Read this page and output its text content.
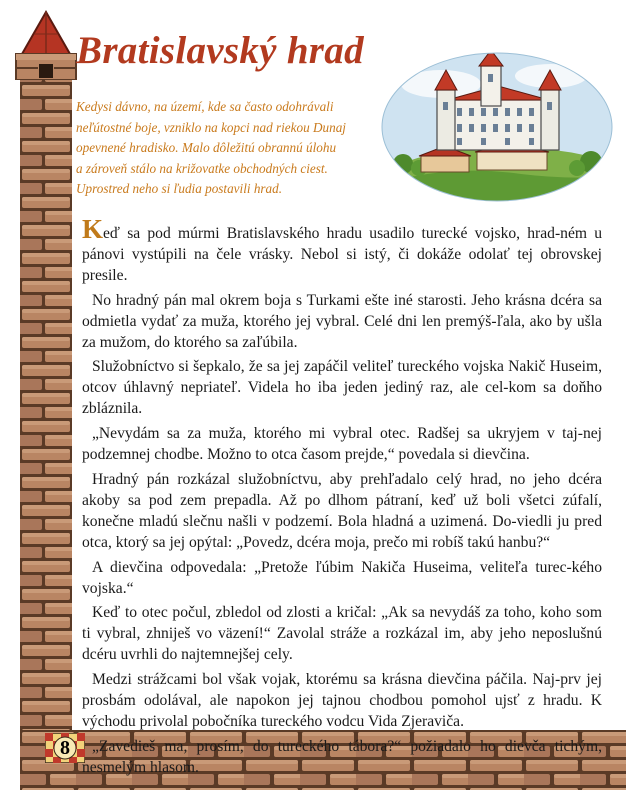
8
Bratislavský hrad
Kedysi dávno, na území, kde sa často odohrávali
neľútostné boje, vzniklo na kopci nad riekou Dunaj
opevnené hradisko. Malo dôležitú obrannú úlohu
a zároveň stálo na križovatke obchodných ciest.
Uprostred neho si ľudia postavili hrad.

Keď sa pod múrmi Bratislavského hradu usadilo turecké vojsko, hrad-ném u pánovi vystúpili na čele vrásky. Nebol si istý, či dokáže odolať tej obrovskej presile.

No hradný pán mal okrem boja s Turkami ešte iné starosti. Jeho krásna dcéra sa odmietla vydať za muža, ktorého jej vybral. Celé dni len premýš-ľala, ako by ušla za mužom, do ktorého sa zaľúbila.

Služobníctvo si šepkalo, že sa jej zapáčil veliteľ tureckého vojska Nakič Huseim, otcov úhlavný nepriateľ. Videla ho iba jeden jediný raz, ale cel-kom sa doňho zbláznila.

„Nevydám sa za muža, ktorého mi vybral otec. Radšej sa ukryjem v taj-nej podzemnej chodbe. Možno to otca časom prejde,“ povedala si dievčina.

Hradný pán rozkázal služobníctvu, aby prehľadalo celý hrad, no jeho dcéra akoby sa pod zem prepadla. Až po dlhom pátraní, keď už boli všetci zúfalí, konečne mladú slečnu našli v podzemí. Bola hladná a uzimená. Do-viedli ju pred otca, ktorý sa jej opýtal: „Povedz, dcéra moja, prečo mi robíš takú hanbu?“

A dievčina odpovedala: „Pretože ľúbim Nakiča Huseima, veliteľa turec-kého vojska.“

Keď to otec počul, zbledol od zlosti a kričal: „Ak sa nevydáš za toho, koho som ti vybral, zhniješ vo väzení!“ Zavolal stráže a rozkázal im, aby jeho neposlušnú dcéru uvrhli do najtemnejšej cely.

Medzi strážcami bol však vojak, ktorému sa krásna dievčina páčila. Naj-prv jej prosbám odolával, ale napokon jej tajnou chodbou pomohol ujsť z hradu. K východu privolal pobočníka tureckého vodcu Vida Zjeraviča.

„Zavedieš ma, prosím, do tureckého tábora?“ požiadalo ho dievča tichým, nesmelým hlasom.
